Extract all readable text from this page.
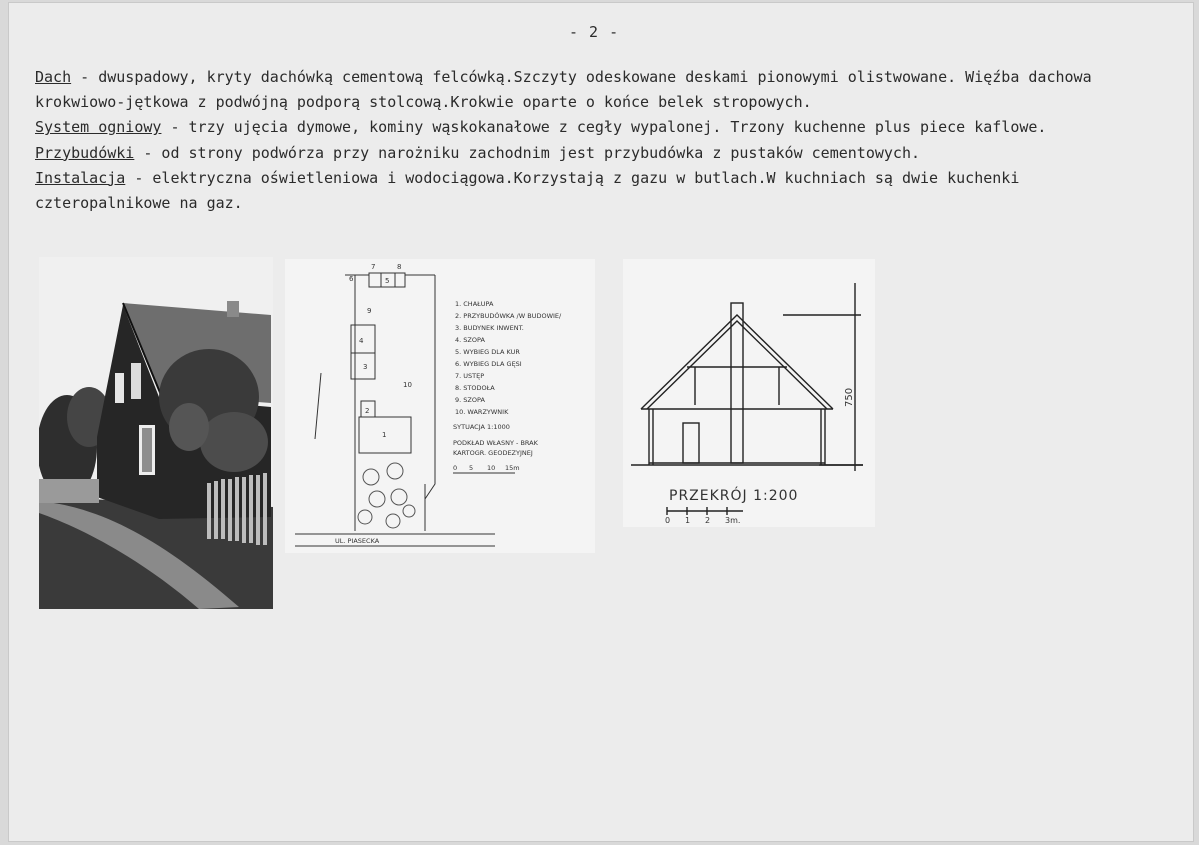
- 2 -

Dach - dwuspadowy, kryty dachówką cementową felcówką.Szczyty odeskowane deskami pionowymi olistwowane. Więźba dachowa krokwiowo-jętkowa z podwójną podporą stolcową.Krokwie oparte o końce belek stropowych.

System ogniowy - trzy ujęcia dymowe, kominy wąskokanałowe z cegły wypalonej. Trzony kuchenne plus piece kaflowe.

Przybudówki - od strony podwórza przy narożniku zachodnim jest przybudówka z pustaków cementowych.

Instalacja - elektryczna oświetleniowa i wodociągowa.Korzystają z gazu w butlach.W kuchniach są dwie kuchenki czteropalnikowe na gaz.

1
2
3
4
5
6
7	8
9
10
1. CHAŁUPA
2. PRZYBUDÓWKA /W BUDOWIE/
3. BUDYNEK INWENT.
4. SZOPA
5. WYBIEG DLA KUR
6. WYBIEG DLA GĘSI
7. USTĘP
8. STODOŁA
9. SZOPA
10. WARZYWNIK
SYTUACJA 1:1000
PODKŁAD WŁASNY - BRAK
KARTOGR. GEODEZYJNEJ
0 5 10 15m
UL. PIASECKA
PRZEKRÓJ 1:200
750
0 1 2 3m.
